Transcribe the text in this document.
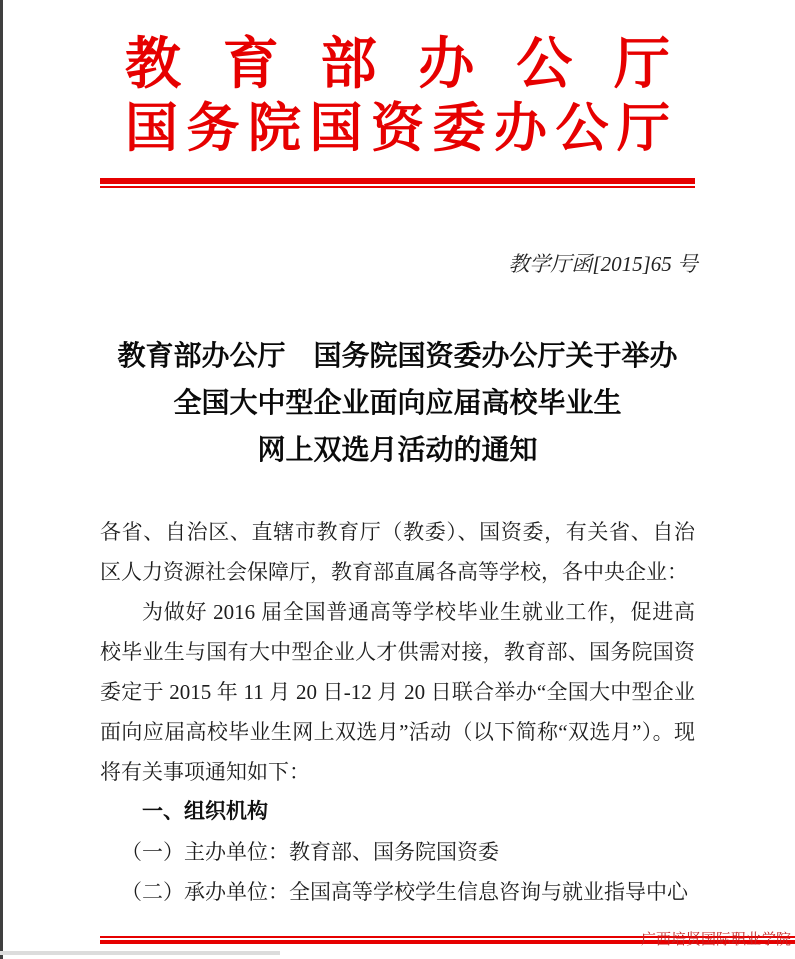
教 育 部 办 公 厅
国 务 院 国 资 委 办 公 厅
教学厅函[2015]65 号
教育部办公厅　国务院国资委办公厅关于举办
全国大中型企业面向应届高校毕业生
网上双选月活动的通知

各省、自治区、直辖市教育厅（教委）、国资委，有关省、自治区人力资源社会保障厅，教育部直属各高等学校，各中央企业：

为做好 2016 届全国普通高等学校毕业生就业工作，促进高校毕业生与国有大中型企业人才供需对接，教育部、国务院国资委定于 2015 年 11 月 20 日-12 月 20 日联合举办“全国大中型企业面向应届高校毕业生网上双选月”活动（以下简称“双选月”）。现将有关事项通知如下：

一、组织机构

（一）主办单位：教育部、国务院国资委

（二）承办单位：全国高等学校学生信息咨询与就业指导中心

广西培贤国际职业学院
